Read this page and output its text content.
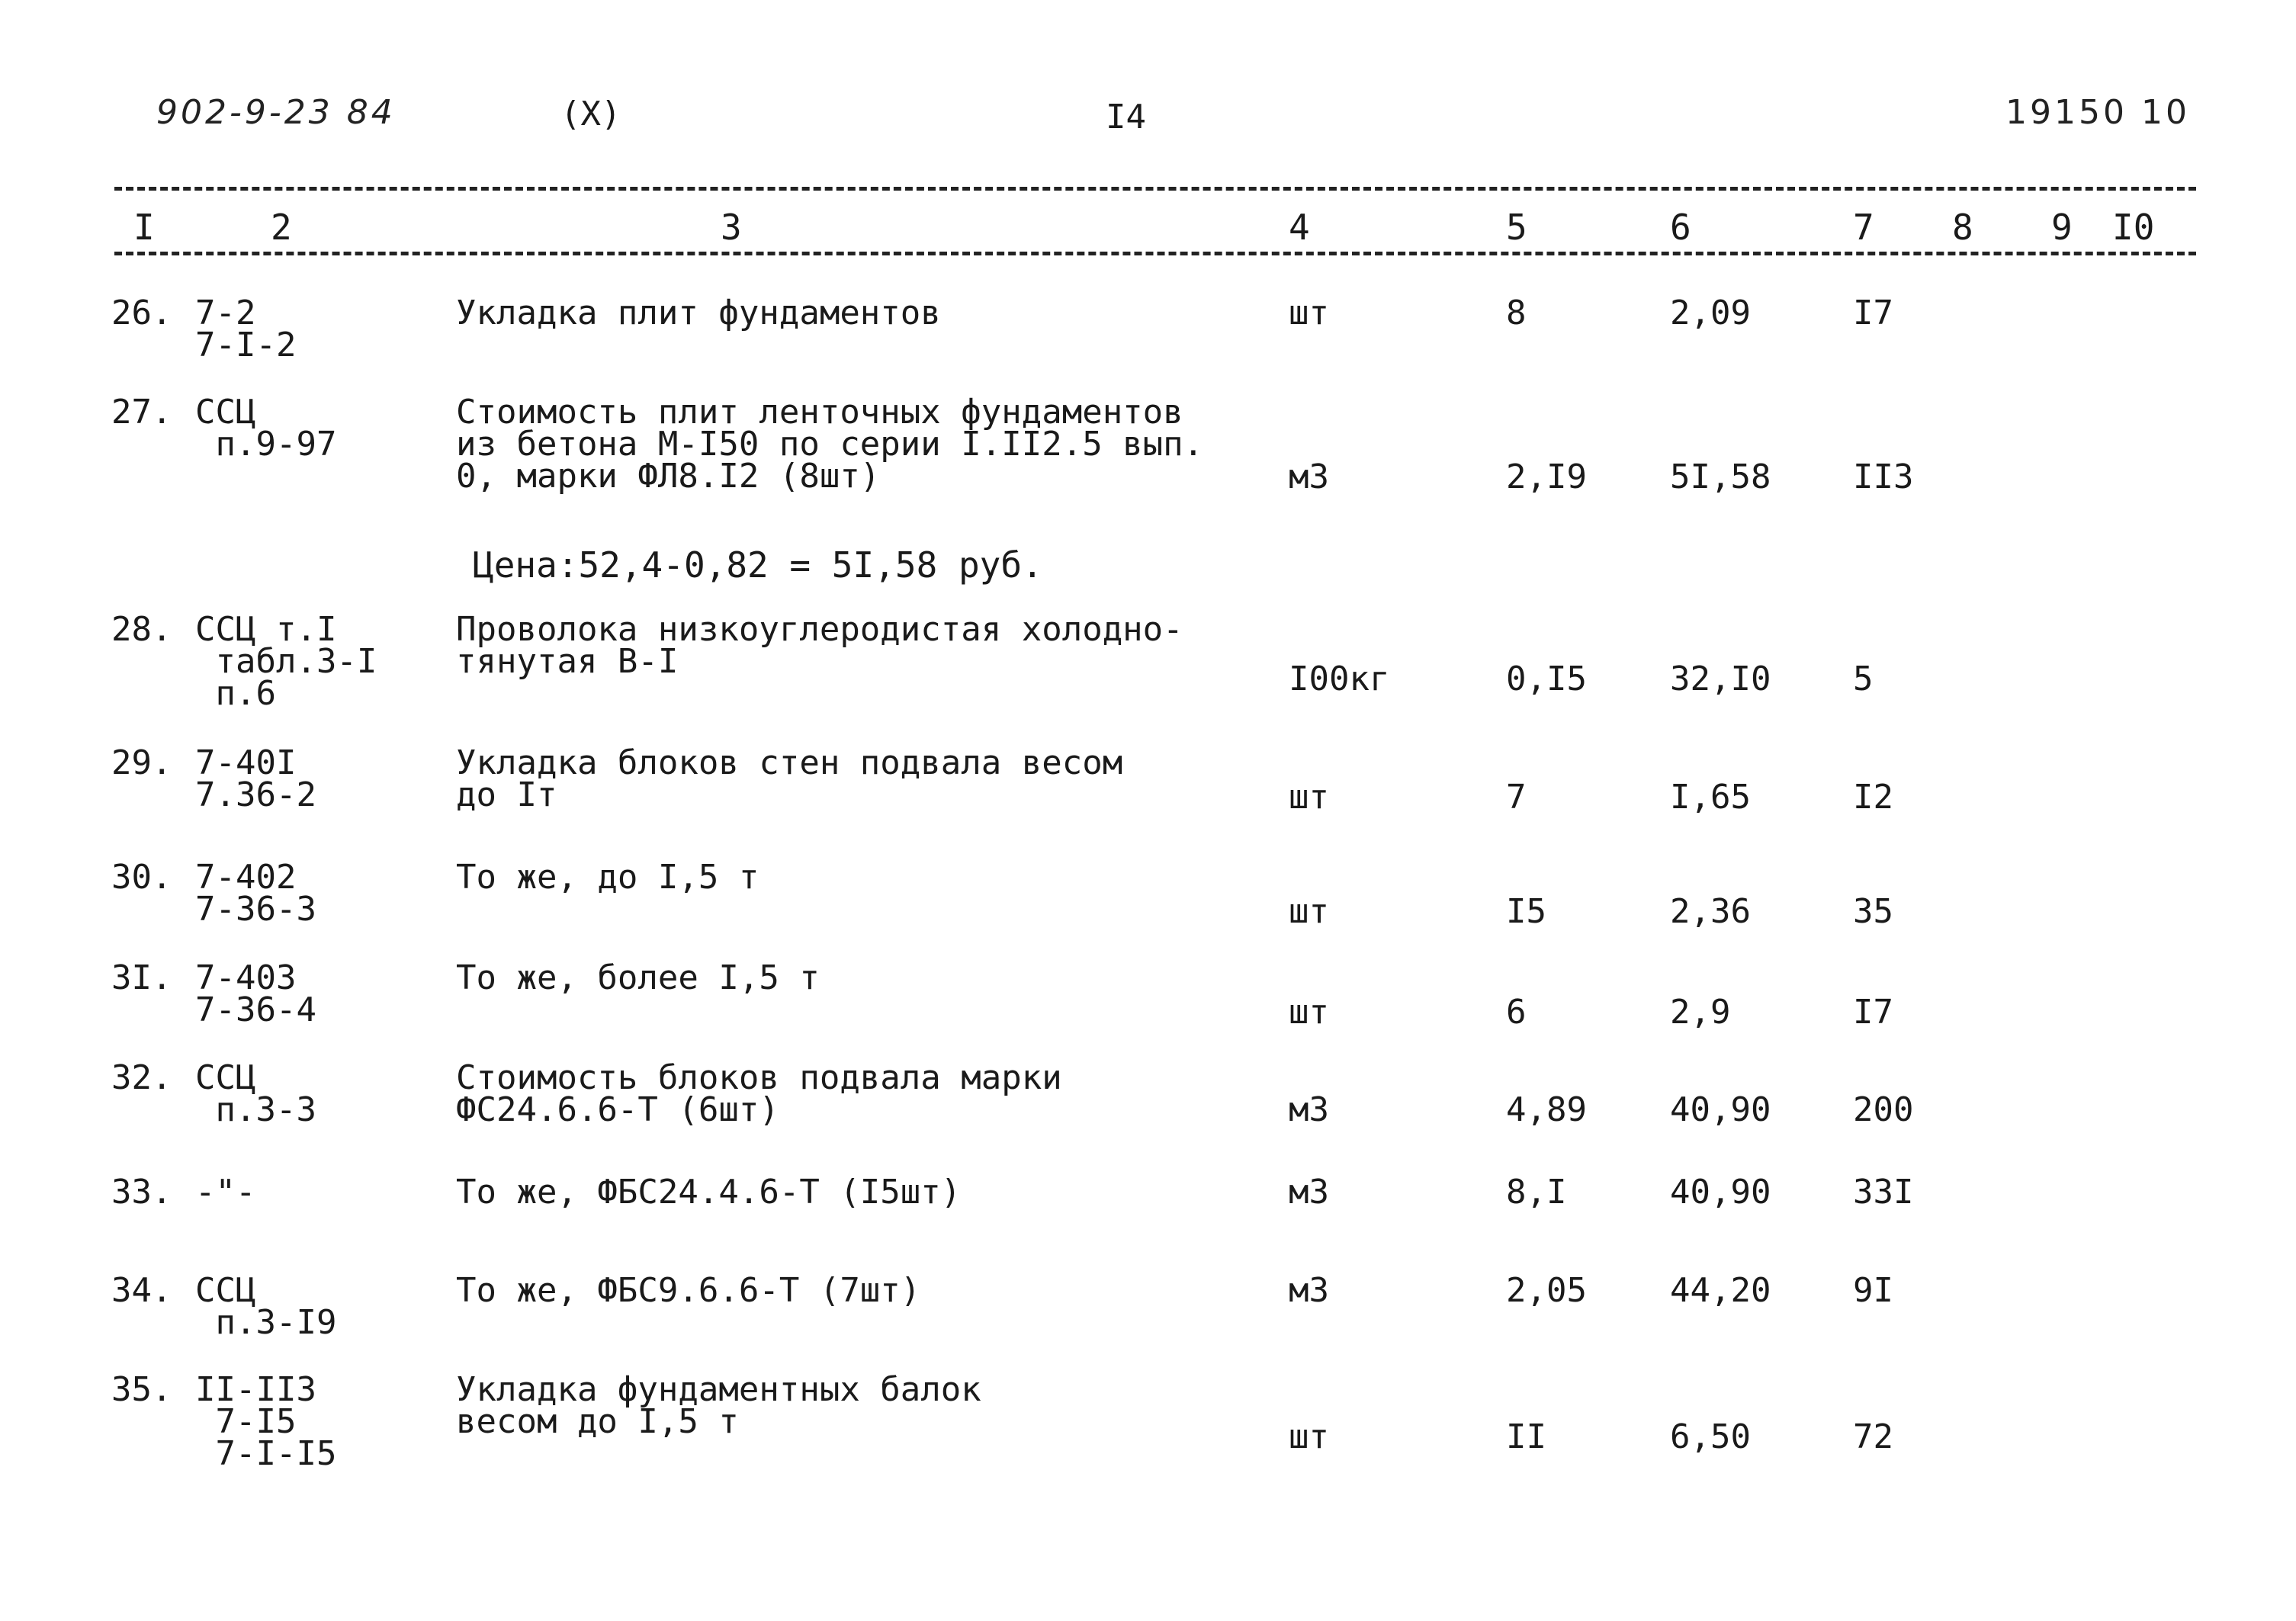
902-9-23 84	(X)	I4	19150 10
I	2	3	4	5	6	7 8 9 I0
26. 7-2
7-I-2
Укладка плит фундаментов	шт	8	2,09	I7
27. ССЦ
п.9-97
Стоимость плит ленточных фундаментов
из бетона М-I50 по серии I.II2.5 вып.
0, марки ФЛ8.I2 (8шт)	м3	2,I9 5I,58 II3
Цена:52,4-0,82 = 5I,58 руб.
28. ССЦ т.I
табл.3-I
п.6
Проволока низкоуглеродистая холодно-
тянутая В-I	I00кг	0,I5 32,I0 5
29. 7-40I
7.36-2
Укладка блоков стен подвала весом
до Iт	шт	7	I,65	I2
30. 7-402
7-36-3
То же, до I,5 т
шт	I5	2,36	35
3I. 7-403
7-36-4
То же, более I,5 т
шт	6	2,9	I7
32. ССЦ
п.3-3
Стоимость блоков подвала марки
ФС24.6.6-Т (6шт)	м3	4,89 40,90 200
33. -"-	То же, ФБС24.4.6-Т (I5шт)	м3	8,I	40,90 33I
34. ССЦ
п.3-I9
То же, ФБС9.6.6-Т (7шт)	м3	2,05 44,20 9I
35. II-II3
7-I5
7-I-I5
Укладка фундаментных балок
весом до I,5 т	шт	II	6,50	72
